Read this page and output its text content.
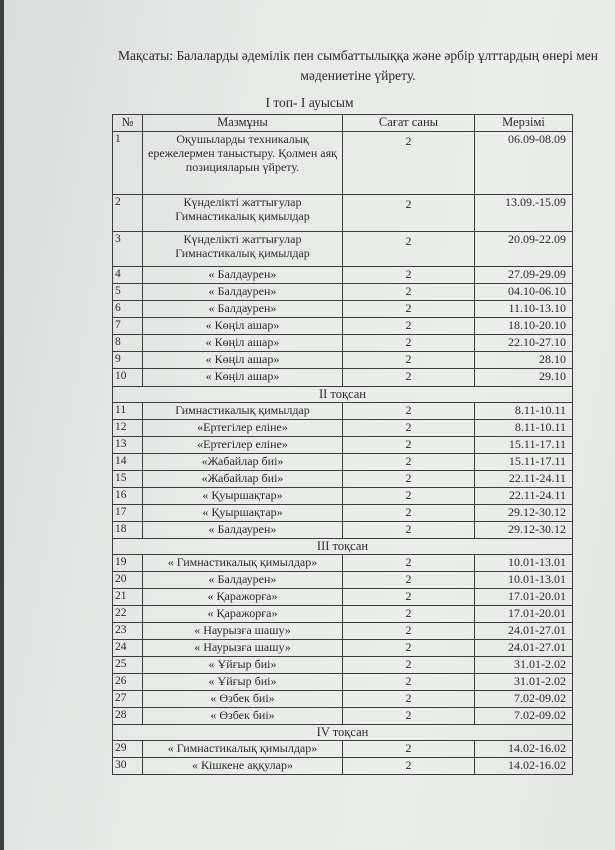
Мақсаты: Балаларды әдемілік пен сымбаттылыққа және әрбір ұлттардың өнері мен мәдениетіне үйрету.
І топ- І ауысым
№	Мазмұны	Сағат саны	Мерзімі
1	Оқушыларды техникалық ережелермен таныстыру. Қолмен аяқ позицияларын үйрету.	2	06.09-08.09
2	Күнделікті жаттығулар Гимнастикалық қимылдар	2	13.09.-15.09
3	Күнделікті жаттығулар Гимнастикалық қимылдар	2	20.09-22.09
4	« Балдаурен»	2	27.09-29.09
5	« Балдаурен»	2	04.10-06.10
6	« Балдаурен»	2	11.10-13.10
7	« Көңіл ашар»	2	18.10-20.10
8	« Көңіл ашар»	2	22.10-27.10
9	« Көңіл ашар»	2	28.10
10	« Көңіл ашар»	2	29.10
ІІ тоқсан			
11	Гимнастикалық қимылдар	2	8.11-10.11
12	«Ертегілер еліне»	2	8.11-10.11
13	«Ертегілер еліне»	2	15.11-17.11
14	«Жабайлар биі»	2	15.11-17.11
15	«Жабайлар биі»	2	22.11-24.11
16	« Қуыршақтар»	2	22.11-24.11
17	« Қуыршақтар»	2	29.12-30.12
18	« Балдаурен»	2	29.12-30.12
ІІІ тоқсан			
19	« Гимнастикалық қимылдар»	2	10.01-13.01
20	« Балдаурен»	2	10.01-13.01
21	« Қаражорға»	2	17.01-20.01
22	« Қаражорға»	2	17.01-20.01
23	« Наурызға шашу»	2	24.01-27.01
24	« Наурызға шашу»	2	24.01-27.01
25	« Ұйғыр биі»	2	31.01-2.02
26	« Ұйғыр биі»	2	31.01-2.02
27	« Өзбек биі»	2	7.02-09.02
28	« Өзбек биі»	2	7.02-09.02
ІV тоқсан			
29	« Гимнастикалық қимылдар»	2	14.02-16.02
30	« Кішкене аққулар»	2	14.02-16.02
